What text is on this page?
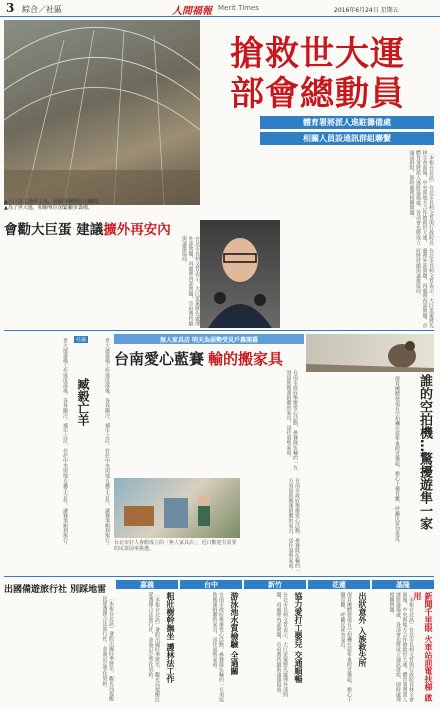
3 綜合／社區	人間福報 Merit Times	2016年6月24日 星期五
▲大巨蛋工地停工後，場館外鋼構日久鏽蝕。
▲為了世大運，相關單位加緊腳步籌備。
搶救世大運
部會總動員
體育署將派人進駐籌備處
相關人員設通訊群組聯繫
〔本報台北訊〕台北市長柯文哲與行政院長林全會面後，中央與地方合作搶救世大運，體育署將派人進駐籌備處，各部會也將成立通訊群組，即時處理相關問題。
會勸大巨蛋 建議擴外再安內
台北市長柯文哲表示，大巨蛋案將先處理外部問題，再處理內部問題，市府將持續與遠雄協商。	台北市長柯文哲表示，大巨蛋案將先處理外部問題，再處理內部問題，市府將持續與遠雄協商。
社論
臧毅亡羊
世大運籌備工作進度落後，各界關注。補牢之計，在於中央與地方攜手合作，讓賽事順利舉行。	世大運籌備工作進度落後，各界關注。補牢之計，在於中央與地方攜手合作，讓賽事順利舉行。	無人家具店 明天為弱勢受災戶募開幕
台南愛心藍賽 輸的搬家具
台南市政府舉辦愛心活動，參賽隊伍輸的一方須協助搬運捐贈的家具，送往弱勢家庭。
台北市好人會館成立的「無人家具店」，近日歡迎有需要的民眾前來挑選。	台南市政府舉辦愛心活動，參賽隊伍輸的一方須協助搬運捐贈的家具，送往弱勢家庭。	誰的空拍機…驚擾遊隼一家
保育團體發現有空拍機在遊隼巢附近盤旋，擔心干擾育雛，呼籲民眾勿靠近。
出國備遊旅行社 別踩地雷
〔本報台北訊〕暑假出國旺季將至，觀光局提醒民眾選擇合法旅行社，並簽訂定型化契約。
嘉義	台中	新竹	花蓮	基隆
粗壯樹幹撫坐 護林法工作
〔本報台北訊〕暑假出國旺季將至，觀光局提醒民眾選擇合法旅行社，並簽訂定型化契約。	游泳池水質檢驗 全過關
台南市政府舉辦愛心活動，參賽隊伍輸的一方須協助搬運捐贈的家具，送往弱勢家庭。	協力愛打工嬰兒 交通順暢
台北市長柯文哲表示，大巨蛋案將先處理外部問題，再處理內部問題，市府將持續與遠雄協商。	出狀意外 入族救失所
保育團體發現有空拍機在遊隼巢附近盤旋，擔心干擾育雛，呼籲民眾勿靠近。	新聞千里眼 火車站前電扶梯 啟用
〔本報台北訊〕台北市長柯文哲與行政院長林全會面後，中央與地方合作搶救世大運，體育署將派人進駐籌備處，各部會也將成立通訊群組，即時處理相關問題。
